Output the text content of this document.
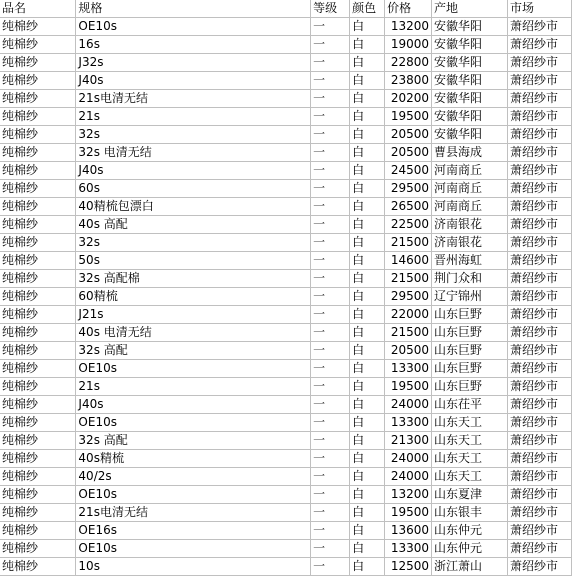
品名	规格	等级	颜色	价格	产地	市场
纯棉纱	OE10s	一	白	13200	安徽华阳	萧绍纱市
纯棉纱	16s	一	白	19000	安徽华阳	萧绍纱市
纯棉纱	J32s	一	白	22800	安徽华阳	萧绍纱市
纯棉纱	J40s	一	白	23800	安徽华阳	萧绍纱市
纯棉纱	21s电清无结	一	白	20200	安徽华阳	萧绍纱市
纯棉纱	21s	一	白	19500	安徽华阳	萧绍纱市
纯棉纱	32s	一	白	20500	安徽华阳	萧绍纱市
纯棉纱	32s 电清无结	一	白	20500	曹县海成	萧绍纱市
纯棉纱	J40s	一	白	24500	河南商丘	萧绍纱市
纯棉纱	60s	一	白	29500	河南商丘	萧绍纱市
纯棉纱	40精梳包漂白	一	白	26500	河南商丘	萧绍纱市
纯棉纱	40s 高配	一	白	22500	济南银花	萧绍纱市
纯棉纱	32s	一	白	21500	济南银花	萧绍纱市
纯棉纱	50s	一	白	14600	晋州海虹	萧绍纱市
纯棉纱	32s 高配棉	一	白	21500	荆门众和	萧绍纱市
纯棉纱	60精梳	一	白	29500	辽宁锦州	萧绍纱市
纯棉纱	J21s	一	白	22000	山东巨野	萧绍纱市
纯棉纱	40s 电清无结	一	白	21500	山东巨野	萧绍纱市
纯棉纱	32s 高配	一	白	20500	山东巨野	萧绍纱市
纯棉纱	OE10s	一	白	13300	山东巨野	萧绍纱市
纯棉纱	21s	一	白	19500	山东巨野	萧绍纱市
纯棉纱	J40s	一	白	24000	山东茌平	萧绍纱市
纯棉纱	OE10s	一	白	13300	山东天工	萧绍纱市
纯棉纱	32s 高配	一	白	21300	山东天工	萧绍纱市
纯棉纱	40s精梳	一	白	24000	山东天工	萧绍纱市
纯棉纱	40/2s	一	白	24000	山东天工	萧绍纱市
纯棉纱	OE10s	一	白	13200	山东夏津	萧绍纱市
纯棉纱	21s电清无结	一	白	19500	山东银丰	萧绍纱市
纯棉纱	OE16s	一	白	13600	山东仲元	萧绍纱市
纯棉纱	OE10s	一	白	13300	山东仲元	萧绍纱市
纯棉纱	10s	一	白	12500	浙江萧山	萧绍纱市
